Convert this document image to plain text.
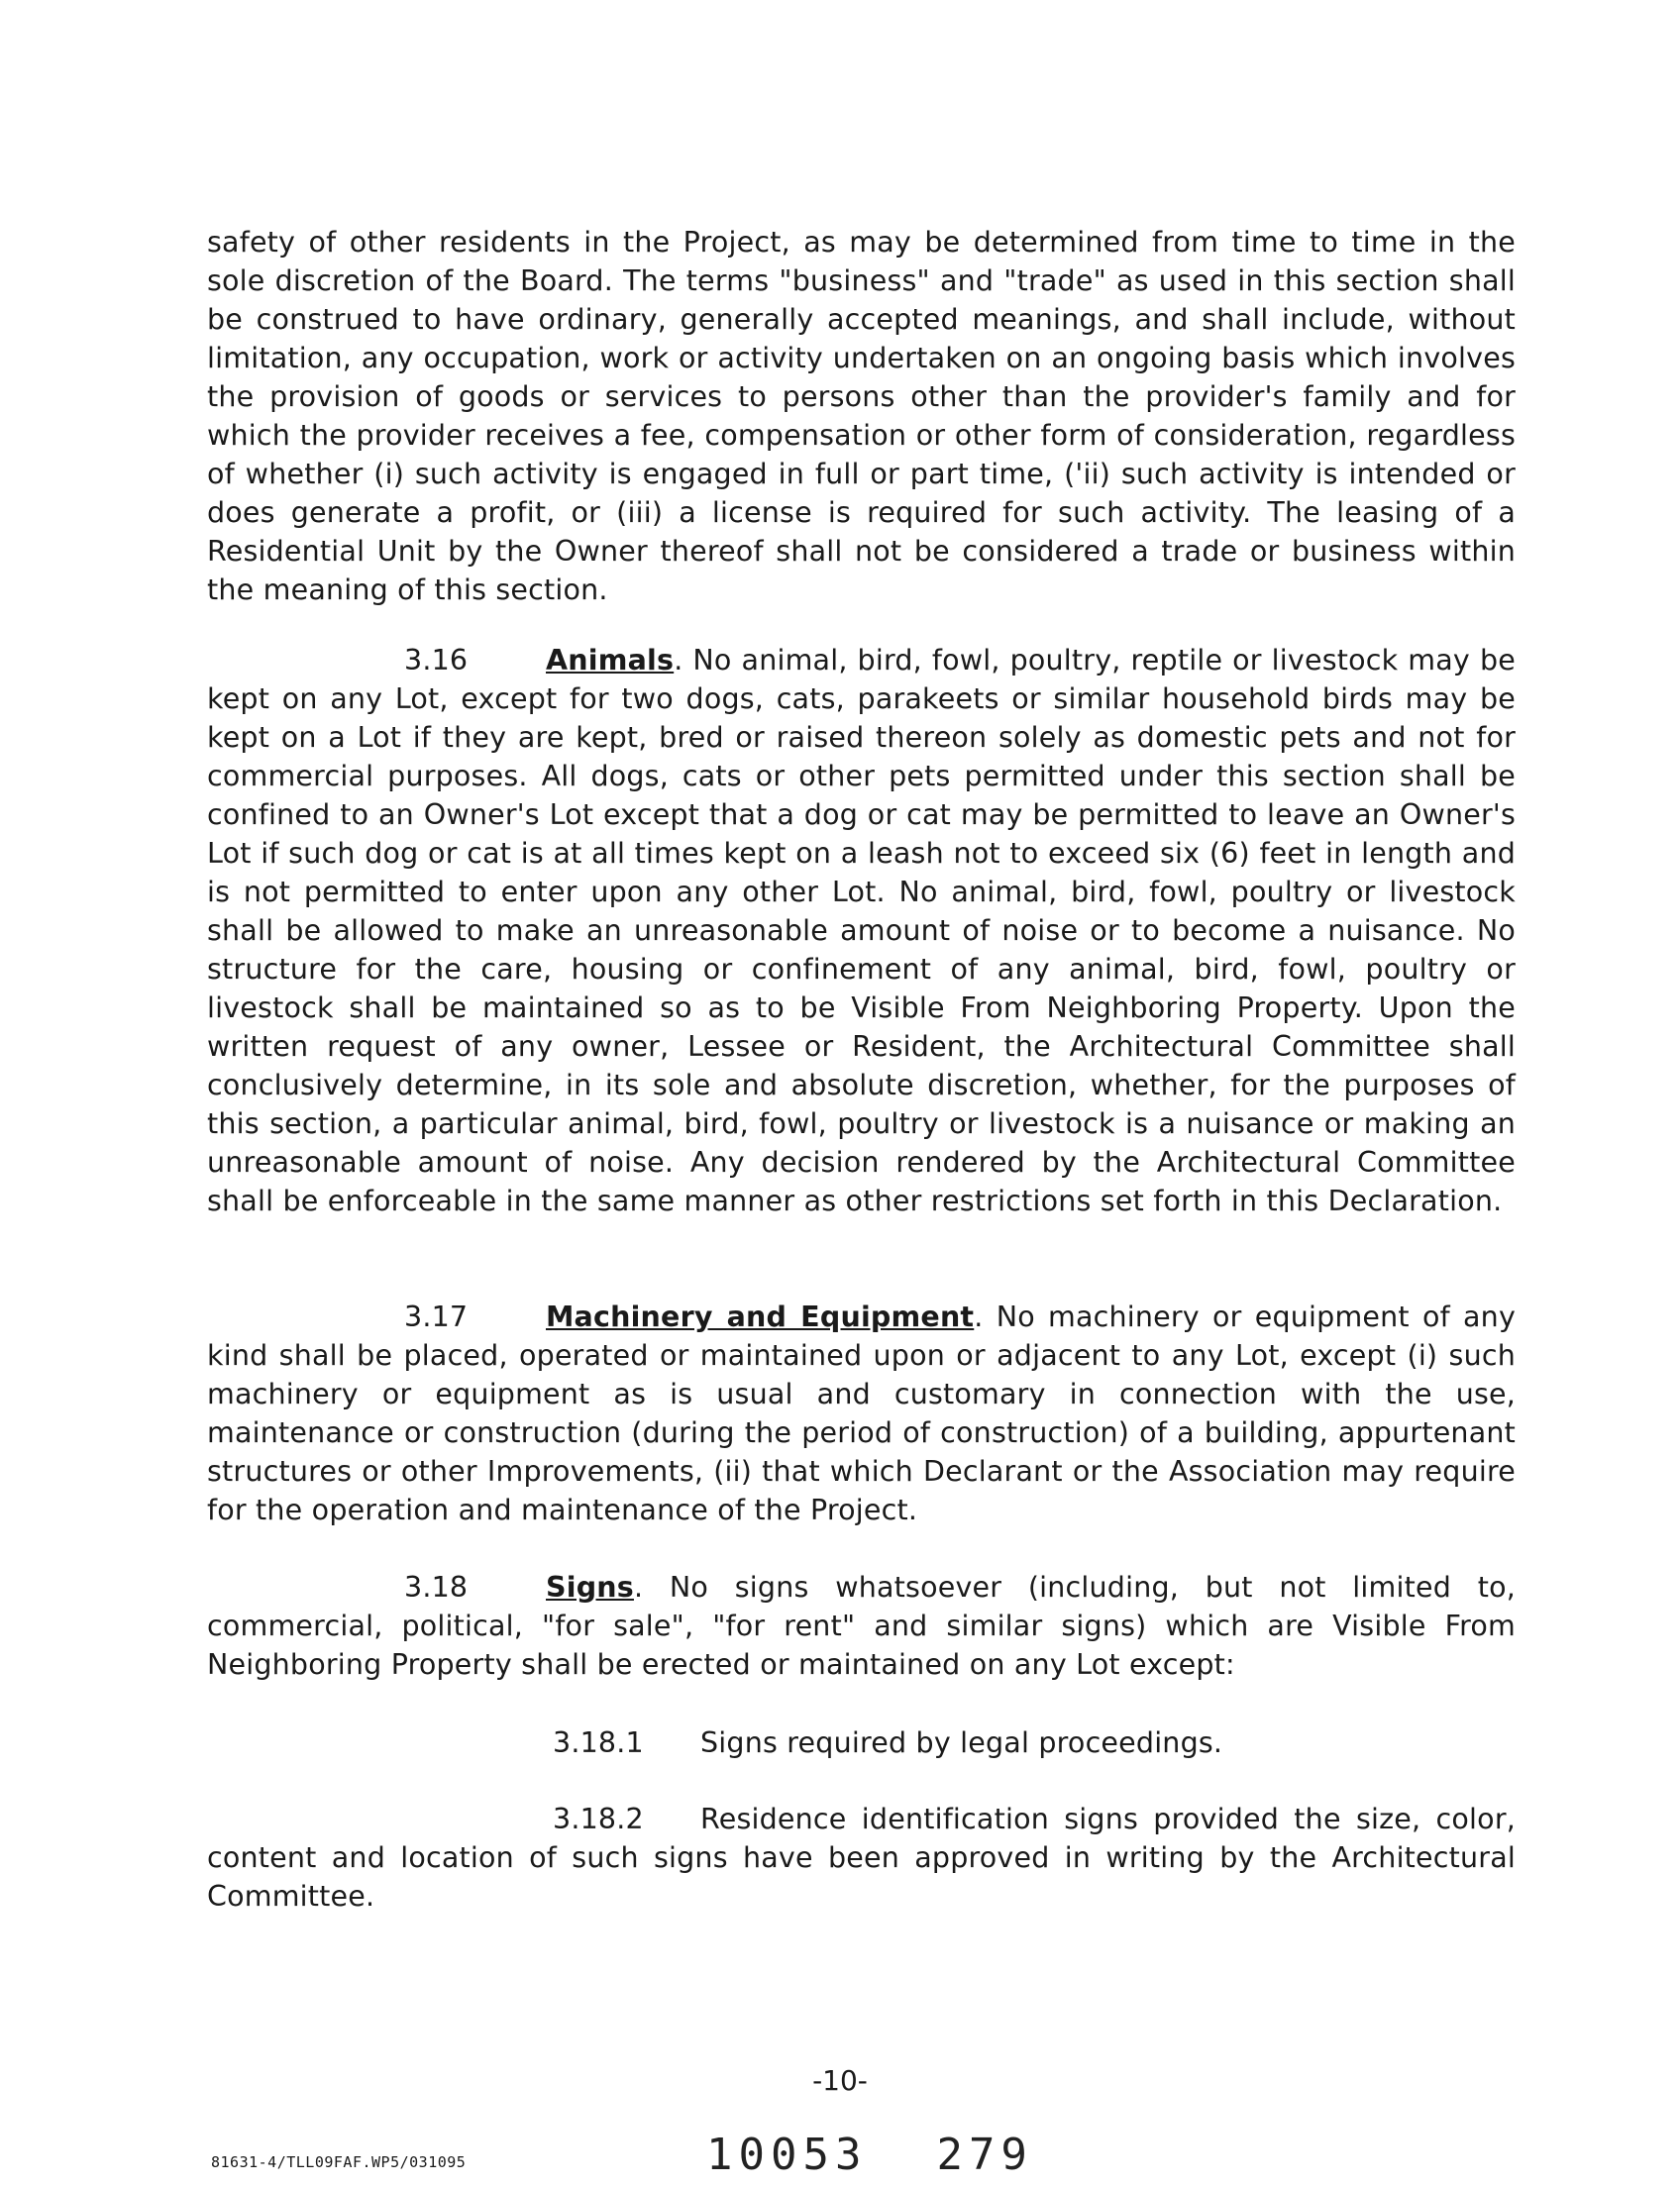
safety of other residents in the Project, as may be determined from time to time in the sole discretion of the Board. The terms "business" and "trade" as used in this section shall be construed to have ordinary, generally accepted meanings, and shall include, without limitation, any occupation, work or activity undertaken on an ongoing basis which involves the provision of goods or services to persons other than the provider's family and for which the provider receives a fee, compensation or other form of consideration, regardless of whether (i) such activity is engaged in full or part time, ('ii) such activity is intended or does generate a profit, or (iii) a license is required for such activity. The leasing of a Residential Unit by the Owner thereof shall not be considered a trade or business within the meaning of this section.

3.16	Animals. No animal, bird, fowl, poultry, reptile or livestock may be kept on any Lot, except for two dogs, cats, parakeets or similar household birds may be kept on a Lot if they are kept, bred or raised thereon solely as domestic pets and not for commercial purposes. All dogs, cats or other pets permitted under this section shall be confined to an Owner's Lot except that a dog or cat may be permitted to leave an Owner's Lot if such dog or cat is at all times kept on a leash not to exceed six (6) feet in length and is not permitted to enter upon any other Lot. No animal, bird, fowl, poultry or livestock shall be allowed to make an unreasonable amount of noise or to become a nuisance. No structure for the care, housing or confinement of any animal, bird, fowl, poultry or livestock shall be maintained so as to be Visible From Neighboring Property. Upon the written request of any owner, Lessee or Resident, the Architectural Committee shall conclusively determine, in its sole and absolute discretion, whether, for the purposes of this section, a particular animal, bird, fowl, poultry or livestock is a nuisance or making an unreasonable amount of noise. Any decision rendered by the Architectural Committee shall be enforceable in the same manner as other restrictions set forth in this Declaration.

3.17	Machinery and Equipment. No machinery or equipment of any kind shall be placed, operated or maintained upon or adjacent to any Lot, except (i) such machinery or equipment as is usual and customary in connection with the use, maintenance or construction (during the period of construction) of a building, appurtenant structures or other Improvements, (ii) that which Declarant or the Association may require for the operation and maintenance of the Project.

3.18	Signs. No signs whatsoever (including, but not limited to, commercial, political, "for sale", "for rent" and similar signs) which are Visible From Neighboring Property shall be erected or maintained on any Lot except:

3.18.1 Signs required by legal proceedings.

3.18.2 Residence identification signs provided the size, color, content and location of such signs have been approved in writing by the Architectural Committee.

-10-
81631-4/TLL09FAF.WP5/031095	10053 279
